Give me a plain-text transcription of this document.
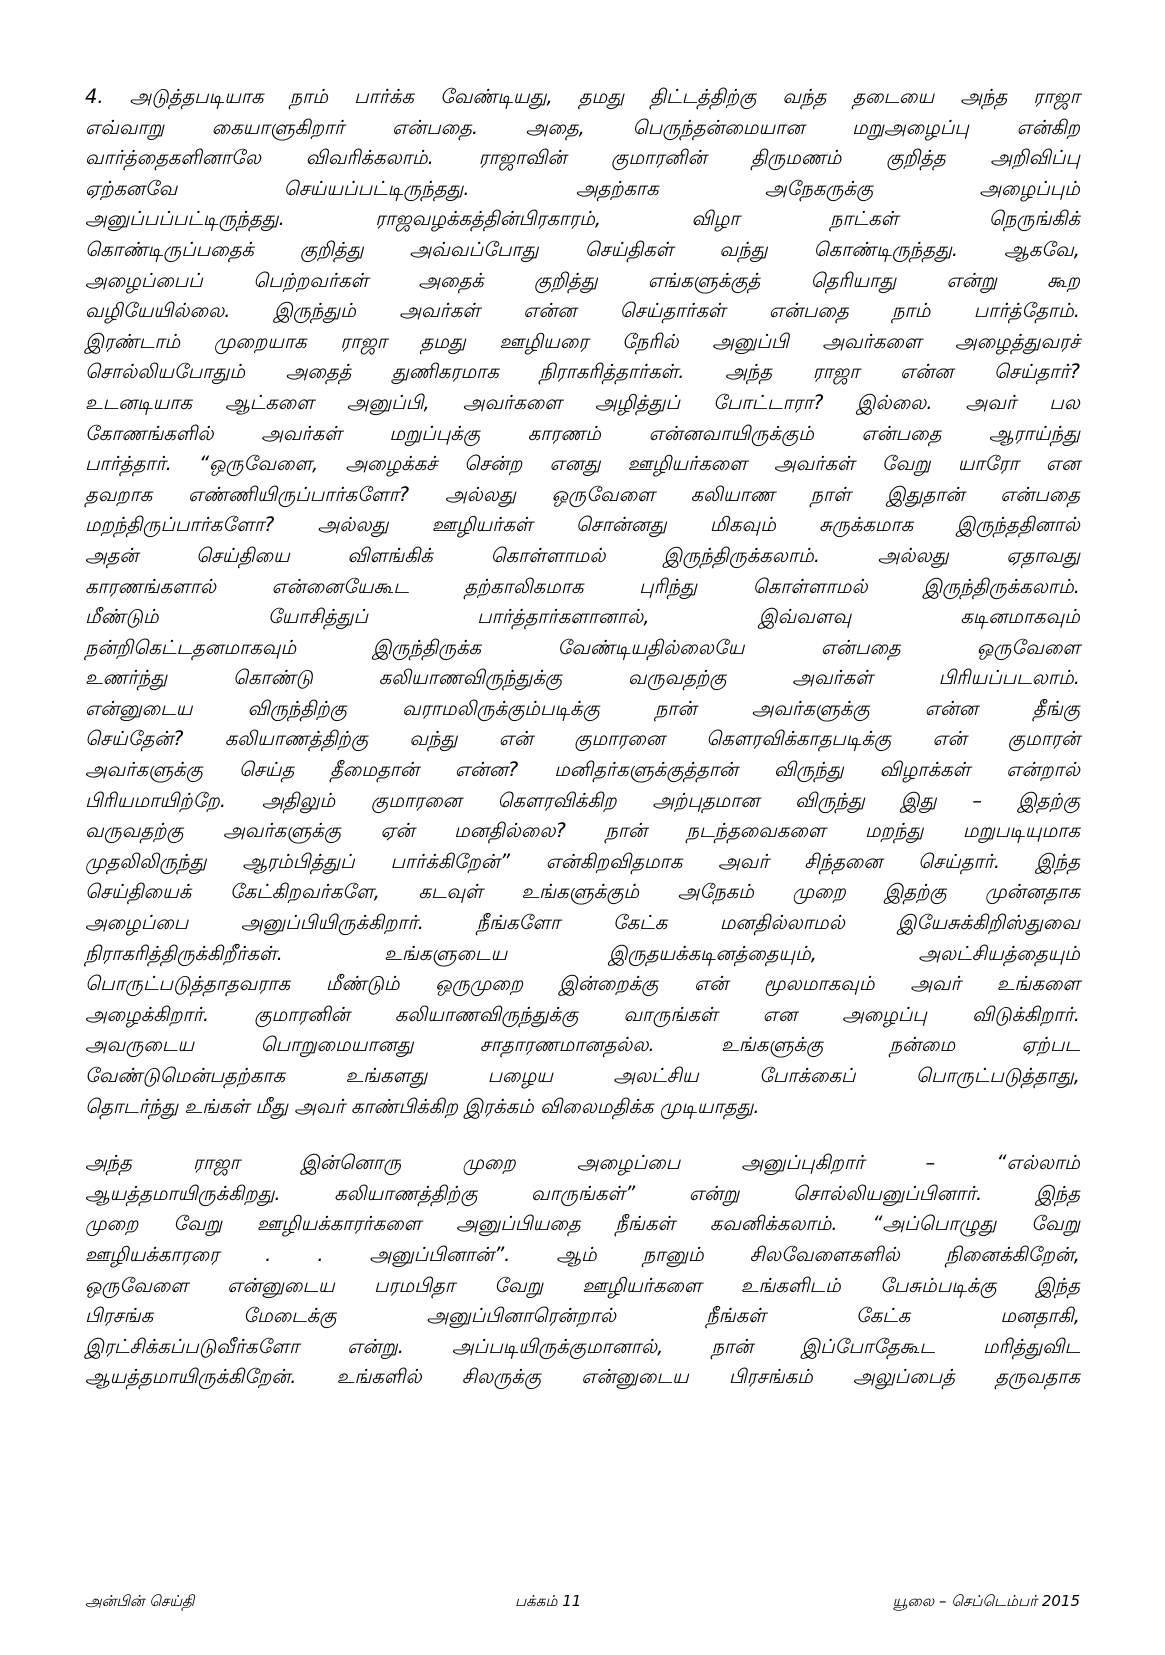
4. அடுத்தபடியாக நாம் பார்க்க வேண்டியது, தமது திட்டத்திற்கு வந்த தடையை அந்த ராஜா
எவ்வாறு கையாளுகிறார் என்பதை. அதை, பெருந்தன்மையான மறுஅழைப்பு என்கிற
வார்த்தைகளினாலே விவரிக்கலாம். ராஜாவின் குமாரனின் திருமணம் குறித்த அறிவிப்பு
ஏற்கனவே செய்யப்பட்டிருந்தது. அதற்காக அநேகருக்கு அழைப்பும்
அனுப்பப்பட்டிருந்தது. ராஜவழக்கத்தின்பிரகாரம், விழா நாட்கள் நெருங்கிக்
கொண்டிருப்பதைக் குறித்து அவ்வப்போது செய்திகள் வந்து கொண்டிருந்தது. ஆகவே,
அழைப்பைப் பெற்றவர்கள் அதைக் குறித்து எங்களுக்குத் தெரியாது என்று கூற
வழியேயில்லை. இருந்தும் அவர்கள் என்ன செய்தார்கள் என்பதை நாம் பார்த்தோம்.
இரண்டாம் முறையாக ராஜா தமது ஊழியரை நேரில் அனுப்பி அவர்களை அழைத்துவரச்
சொல்லியபோதும் அதைத் துணிகரமாக நிராகரித்தார்கள். அந்த ராஜா என்ன செய்தார்?
உடனடியாக ஆட்களை அனுப்பி, அவர்களை அழித்துப் போட்டாரா? இல்லை. அவர் பல
கோணங்களில் அவர்கள் மறுப்புக்கு காரணம் என்னவாயிருக்கும் என்பதை ஆராய்ந்து
பார்த்தார். “ஒருவேளை, அழைக்கச் சென்ற எனது ஊழியர்களை அவர்கள் வேறு யாரோ என
தவறாக எண்ணியிருப்பார்களோ? அல்லது ஒருவேளை கலியாண நாள் இதுதான் என்பதை
மறந்திருப்பார்களோ? அல்லது ஊழியர்கள் சொன்னது மிகவும் சுருக்கமாக இருந்ததினால்
அதன் செய்தியை விளங்கிக் கொள்ளாமல் இருந்திருக்கலாம். அல்லது ஏதாவது
காரணங்களால் என்னையேகூட தற்காலிகமாக புரிந்து கொள்ளாமல் இருந்திருக்கலாம்.
மீண்டும் யோசித்துப் பார்த்தார்களானால், இவ்வளவு கடினமாகவும்
நன்றிகெட்டதனமாகவும் இருந்திருக்க வேண்டியதில்லையே என்பதை ஒருவேளை
உணர்ந்து கொண்டு கலியாணவிருந்துக்கு வருவதற்கு அவர்கள் பிரியப்படலாம்.
என்னுடைய விருந்திற்கு வராமலிருக்கும்படிக்கு நான் அவர்களுக்கு என்ன தீங்கு
செய்தேன்? கலியாணத்திற்கு வந்து என் குமாரனை கௌரவிக்காதபடிக்கு என் குமாரன்
அவர்களுக்கு செய்த தீமைதான் என்ன? மனிதர்களுக்குத்தான் விருந்து விழாக்கள் என்றால்
பிரியமாயிற்றே. அதிலும் குமாரனை கௌரவிக்கிற அற்புதமான விருந்து இது – இதற்கு
வருவதற்கு அவர்களுக்கு ஏன் மனதில்லை? நான் நடந்தவைகளை மறந்து மறுபடியுமாக
முதலிலிருந்து ஆரம்பித்துப் பார்க்கிறேன்” என்கிறவிதமாக அவர் சிந்தனை செய்தார். இந்த
செய்தியைக் கேட்கிறவர்களே, கடவுள் உங்களுக்கும் அநேகம் முறை இதற்கு முன்னதாக
அழைப்பை அனுப்பியிருக்கிறார். நீங்களோ கேட்க மனதில்லாமல் இயேசுக்கிறிஸ்துவை
நிராகரித்திருக்கிறீர்கள். உங்களுடைய இருதயக்கடினத்தையும், அலட்சியத்தையும்
பொருட்படுத்தாதவராக மீண்டும் ஒருமுறை இன்றைக்கு என் மூலமாகவும் அவர் உங்களை
அழைக்கிறார். குமாரனின் கலியாணவிருந்துக்கு வாருங்கள் என அழைப்பு விடுக்கிறார்.
அவருடைய பொறுமையானது சாதாரணமானதல்ல. உங்களுக்கு நன்மை ஏற்பட
வேண்டுமென்பதற்காக உங்களது பழைய அலட்சிய போக்கைப் பொருட்படுத்தாது,
தொடர்ந்து உங்கள் மீது அவர் காண்பிக்கிற இரக்கம் விலைமதிக்க முடியாதது.
அந்த ராஜா இன்னொரு முறை அழைப்பை அனுப்புகிறார் – “எல்லாம்
ஆயத்தமாயிருக்கிறது. கலியாணத்திற்கு வாருங்கள்” என்று சொல்லியனுப்பினார். இந்த
முறை வேறு ஊழியக்காரர்களை அனுப்பியதை நீங்கள் கவனிக்கலாம். “அப்பொழுது வேறு
ஊழியக்காரரை . . அனுப்பினான்”. ஆம் நானும் சிலவேளைகளில் நினைக்கிறேன்,
ஒருவேளை என்னுடைய பரமபிதா வேறு ஊழியர்களை உங்களிடம் பேசும்படிக்கு இந்த
பிரசங்க மேடைக்கு அனுப்பினாரென்றால் நீங்கள் கேட்க மனதாகி,
இரட்சிக்கப்படுவீர்களோ என்று. அப்படியிருக்குமானால், நான் இப்போதேகூட மரித்துவிட
ஆயத்தமாயிருக்கிறேன். உங்களில் சிலருக்கு என்னுடைய பிரசங்கம் அலுப்பைத் தருவதாக
அன்பின் செய்தி	பக்கம் 11	யூலை – செப்டெம்பர் 2015
